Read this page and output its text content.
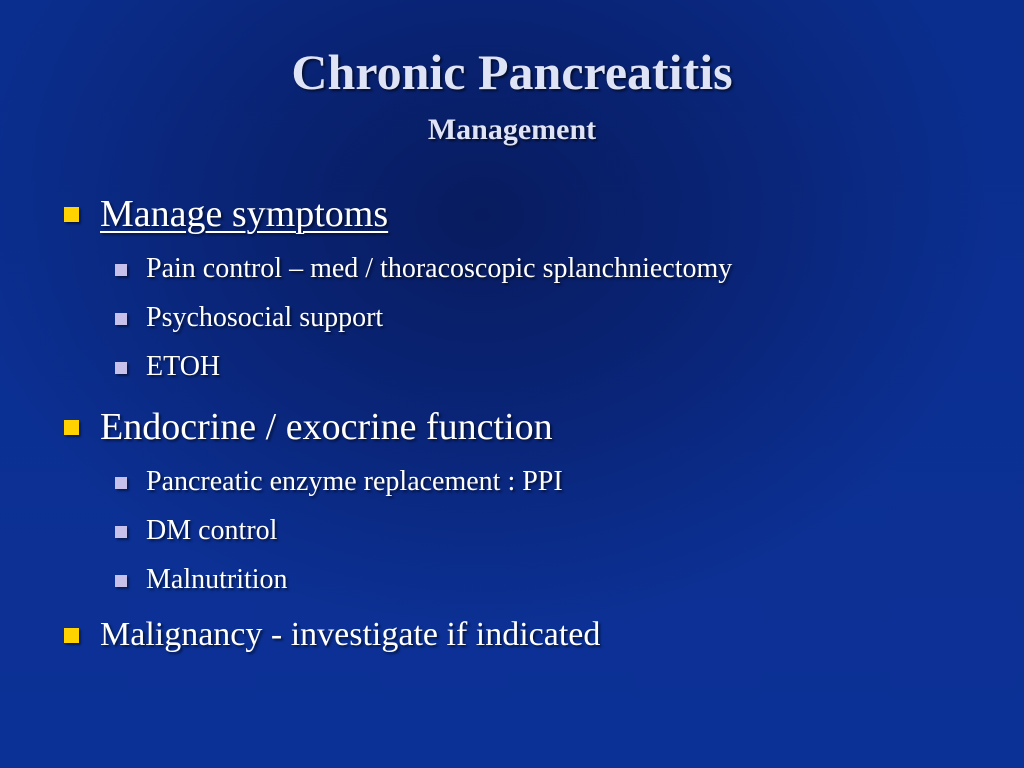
Chronic Pancreatitis
Management
Manage symptoms
Pain control – med / thoracoscopic splanchniectomy
Psychosocial support
ETOH
Endocrine / exocrine function
Pancreatic enzyme replacement : PPI
DM control
Malnutrition
Malignancy - investigate if indicated
